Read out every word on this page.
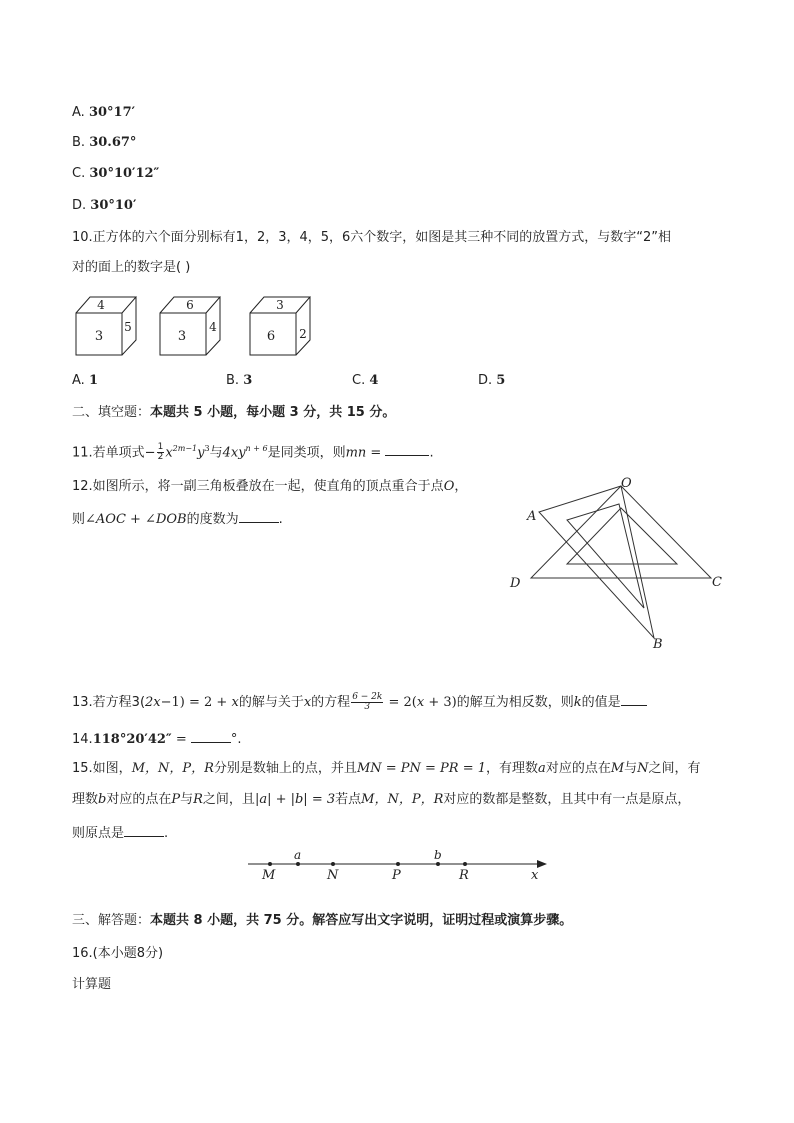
A. 30°17′
B. 30.67°
C. 30°10′12″
D. 30°10′
10.正方体的六个面分别标有1，2，3，4，5，6六个数字，如图是其三种不同的放置方式，与数字“2”相
对的面上的数字是( )
4
3
5
6
3
4
3
6 2
A. 1	B. 3	C. 4	D. 5
二、填空题：本题共 5 小题，每小题 3 分，共 15 分。
11.若单项式− $\frac{1}{2} x^{2m-1}y^3$与$4xy^{n + 6}$是同类项，则mn =	.
12.如图所示，将一副三角板叠放在一起，使直角的顶点重合于点O，
则∠AOC + ∠DOB的度数为	.
O
A
D	C
B
13.若方程3(2x−1) = 2 + x的解与关于x的方程 $\frac{6 - 2k}{3} = 2(x + 3)$的解互为相反数，则k的值是
14.118°20′42″ =	°.
15.如图，M，N，P，R分别是数轴上的点，并且MN = PN = PR = 1，有理数a对应的点在M与N之间，有
理数b对应的点在P与R之间，且|a| + |b| = 3若点M，N，P，R对应的数都是整数，且其中有一点是原点，
则原点是	.
a	b
M	N	P	R	x
三、解答题：本题共 8 小题，共 75 分。解答应写出文字说明，证明过程或演算步骤。
16.(本小题8分)
计算题
